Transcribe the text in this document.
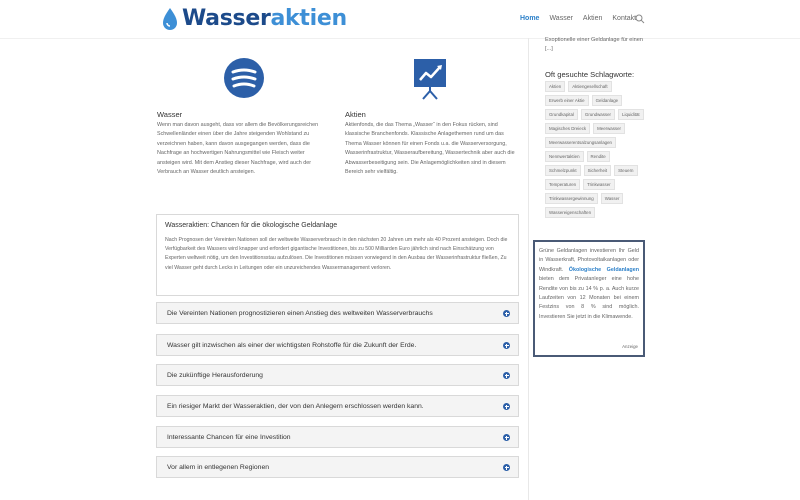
Wasseraktien	Home Wasser Aktien Kontakt
Wasser

Wenn man davon ausgeht, dass vor allem die Bevölkerungsreichen Schwellenländer einen über die Jahre steigenden Wohlstand zu verzeichnen haben, kann davon ausgegangen werden, dass die Nachfrage an hochwertigen Nahrungsmittel wie Fleisch weiter ansteigen wird. Mit dem Anstieg dieser Nachfrage, wird auch der Verbrauch an Wasser deutlich ansteigen.

Aktien

Aktienfonds, die das Thema „Wasser“ in den Fokus rücken, sind klassische Branchenfonds. Klassische Anlagethemen rund um das Thema Wasser können für einen Fonds u.a. die Wasserversorgung, Wasserinfrastruktur, Wasseraufbereitung, Wassertechnik aber auch die Abwasserbeseitigung sein. Die Anlagemöglichkeiten sind in diesem Bereich sehr vielfältig.

Wasseraktien: Chancen für die ökologische Geldanlage

Nach Prognosen der Vereinten Nationen soll der weltweite Wasserverbrauch in den nächsten 20 Jahren um mehr als 40 Prozent ansteigen. Doch die Verfügbarkeit des Wassers wird knapper und erfordert gigantische Investitionen, bis zu 500 Milliarden Euro jährlich sind nach Einschätzung von Experten weltweit nötig, um den Investitionsstau aufzulösen. Die Investitionen müssen vorwiegend in den Ausbau der Wasserinfrastruktur fließen, Zu viel Wasser geht durch Lecks in Leitungen oder ein unzureichendes Wassermanagement verloren.

Die Vereinten Nationen prognostizieren einen Anstieg des weltweiten Wasserverbrauchs
Wasser gilt inzwischen als einer der wichtigsten Rohstoffe für die Zukunft der Erde.
Die zukünftige Herausforderung
Ein riesiger Markt der Wasseraktien, der von den Anlegern erschlossen werden kann.
Interessante Chancen für eine Investition
Vor allem in entlegenen Regionen
Exoptionelle einer Geldanlage für einen [...]
Oft gesuchte Schlagworte:
Aktien	Aktiengesellschaft
Erwerb einer Aktie	Geldanlage
Grundkapital	Grundwasser	Liquidität
Magisches Dreieck	Meerwasser
Meerwasserentsalzungsanlagen
Nennwertaktien	Rendite
Schmelzpunkt	Sicherheit	Steuern
Temperaturen	Trinkwasser
Trinkwassergewinnung	Wasser
Wassereigenschaften
Grüne Geldanlagen investieren Ihr Geld in Wasserkraft, Photovoltaikanlagen oder Windkraft. Ökologische Geldanlagen bieten dem Privatanleger eine hohe Rendite von bis zu 14 % p. a. Auch kurze Laufzeiten von 12 Monaten bei einem Festzins von 8 % sind möglich. Investieren Sie jetzt in die Klimawende.
Anzeige
